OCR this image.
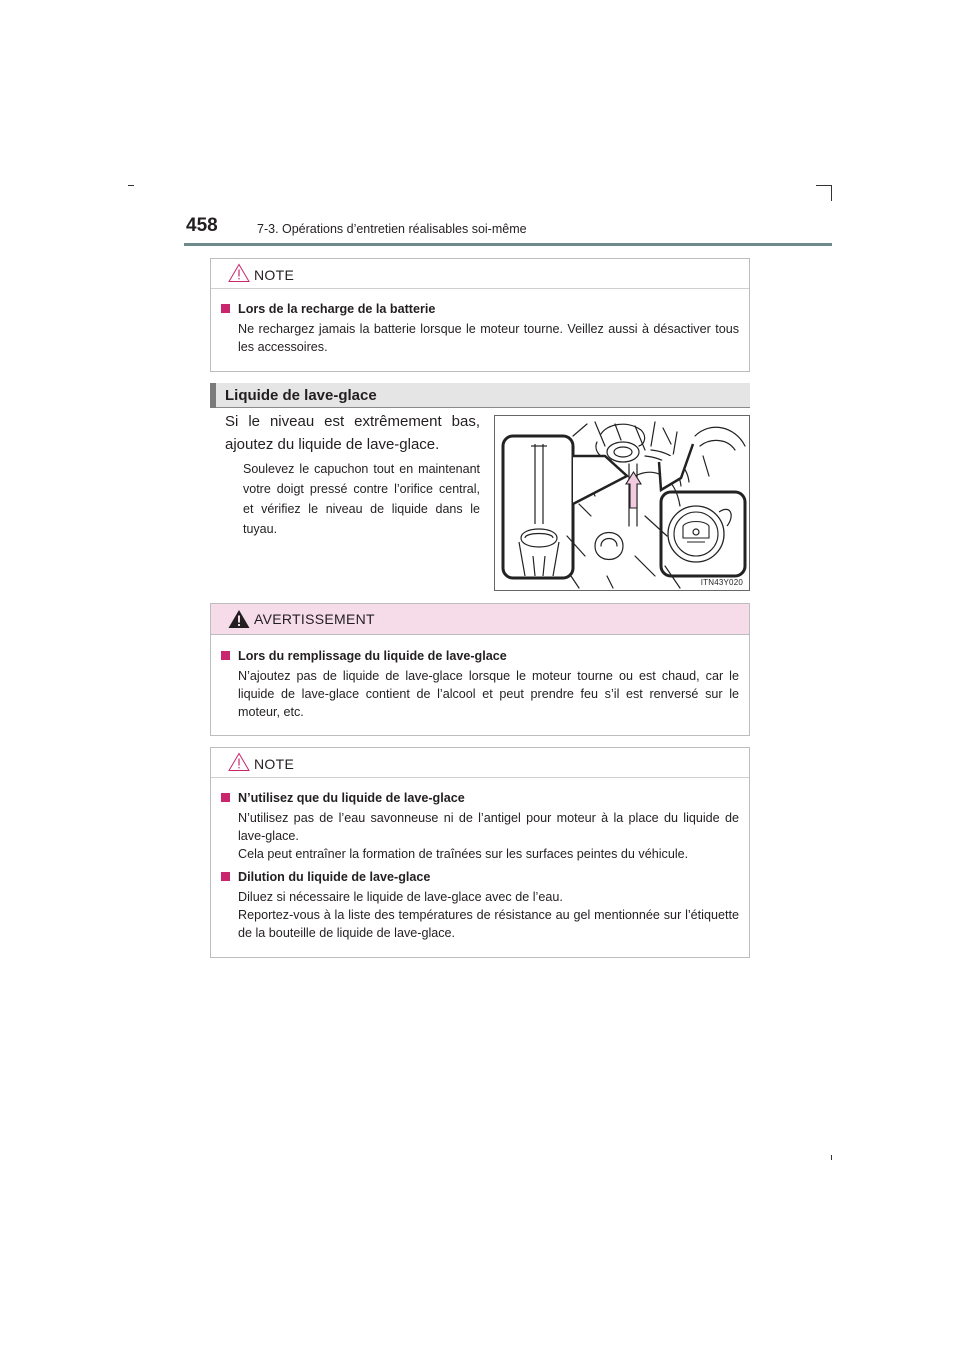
458	7-3. Opérations d’entretien réalisables soi-même
NOTE
Lors de la recharge de la batterie
Ne rechargez jamais la batterie lorsque le moteur tourne. Veillez aussi à désactiver tous les accessoires.
Liquide de lave-glace
Si le niveau est extrêmement bas, ajoutez du liquide de lave-glace.
Soulevez le capuchon tout en maintenant votre doigt pressé contre l’orifice central, et vérifiez le niveau de liquide dans le tuyau.
ITN43Y020
AVERTISSEMENT
Lors du remplissage du liquide de lave-glace
N’ajoutez pas de liquide de lave-glace lorsque le moteur tourne ou est chaud, car le liquide de lave-glace contient de l’alcool et peut prendre feu s’il est renversé sur le moteur, etc.
NOTE
N’utilisez que du liquide de lave-glace
N’utilisez pas de l’eau savonneuse ni de l’antigel pour moteur à la place du liquide de lave-glace.
Cela peut entraîner la formation de traînées sur les surfaces peintes du véhicule.
Dilution du liquide de lave-glace
Diluez si nécessaire le liquide de lave-glace avec de l’eau.
Reportez-vous à la liste des températures de résistance au gel mentionnée sur l’étiquette de la bouteille de liquide de lave-glace.
